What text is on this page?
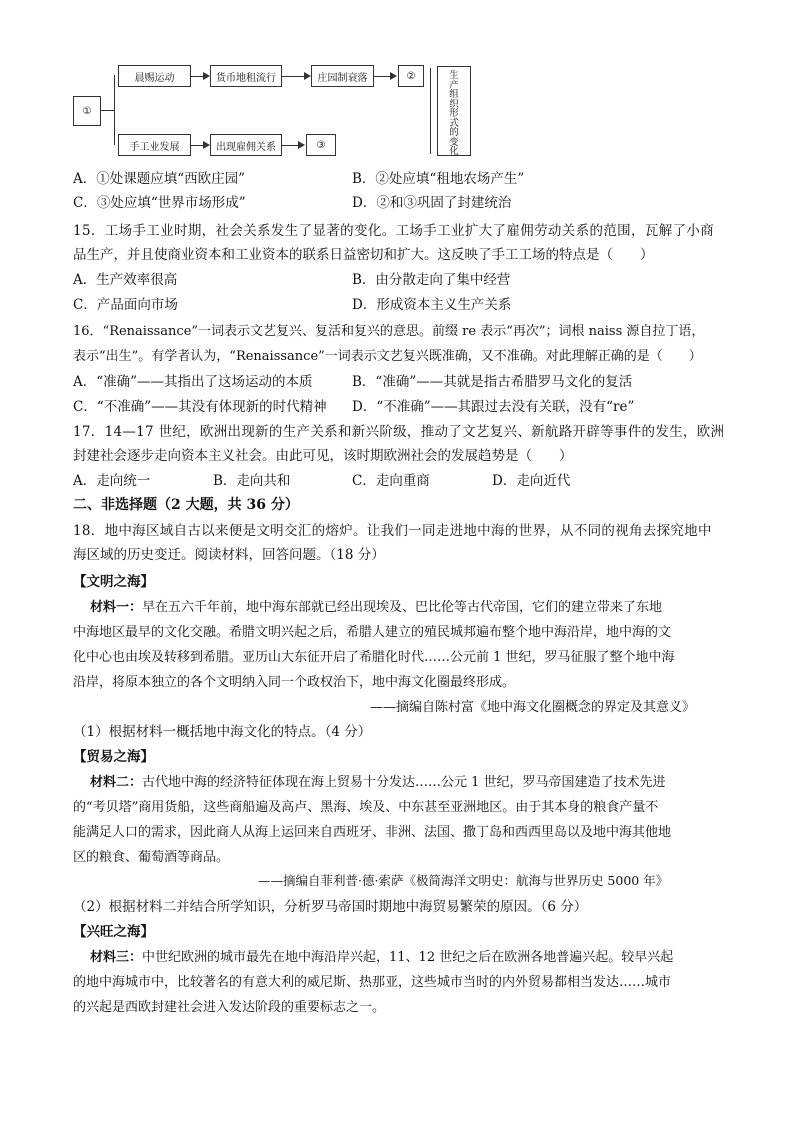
①
晨赐运动	货币地租流行	庄园制衰落	②
手工业发展	出现雇佣关系	③
生
产
组
织
形
式
的
变
化
A．①处课题应填“西欧庄园”	B．②处应填“租地农场产生”
C．③处应填“世界市场形成”	D．②和③巩固了封建统治
15．工场手工业时期，社会关系发生了显著的变化。工场手工业扩大了雇佣劳动关系的范围，瓦解了小商
品生产，并且使商业资本和工业资本的联系日益密切和扩大。这反映了手工工场的特点是（　　）
A．生产效率很高	B．由分散走向了集中经营
C．产品面向市场	D．形成资本主义生产关系
16．“Renaissance”一词表示文艺复兴、复活和复兴的意思。前缀 re 表示“再次”；词根 naiss 源自拉丁语，
表示“出生”。有学者认为，“Renaissance”一词表示文艺复兴既准确，又不准确。对此理解正确的是（　　）
A．“准确”——其指出了这场运动的本质	B．“准确”——其就是指古希腊罗马文化的复活
C．“不准确”——其没有体现新的时代精神 D．“不准确”——其跟过去没有关联，没有“re”
17．14—17 世纪，欧洲出现新的生产关系和新兴阶级，推动了文艺复兴、新航路开辟等事件的发生，欧洲
封建社会逐步走向资本主义社会。由此可见，该时期欧洲社会的发展趋势是（　　）
A．走向统一	B．走向共和	C．走向重商	D．走向近代
二、非选择题（2 大题，共 36 分）
18．地中海区域自古以来便是文明交汇的熔炉。让我们一同走进地中海的世界，从不同的视角去探究地中
海区域的历史变迁。阅读材料，回答问题。（18 分）
【文明之海】
材料一：早在五六千年前，地中海东部就已经出现埃及、巴比伦等古代帝国，它们的建立带来了东地
中海地区最早的文化交融。希腊文明兴起之后，希腊人建立的殖民城邦遍布整个地中海沿岸，地中海的文
化中心也由埃及转移到希腊。亚历山大东征开启了希腊化时代……公元前 1 世纪，罗马征服了整个地中海
沿岸，将原本独立的各个文明纳入同一个政权治下，地中海文化圈最终形成。
——摘编自陈村富《地中海文化圈概念的界定及其意义》
（1）根据材料一概括地中海文化的特点。（4 分）
【贸易之海】
材料二：古代地中海的经济特征体现在海上贸易十分发达……公元 1 世纪，罗马帝国建造了技术先进
的“考贝塔”商用货船，这些商船遍及高卢、黑海、埃及、中东甚至亚洲地区。由于其本身的粮食产量不
能满足人口的需求，因此商人从海上运回来自西班牙、非洲、法国、撒丁岛和西西里岛以及地中海其他地
区的粮食、葡萄酒等商品。
——摘编自菲利普·德·索萨《极简海洋文明史：航海与世界历史 5000 年》
（2）根据材料二并结合所学知识，分析罗马帝国时期地中海贸易繁荣的原因。（6 分）
【兴旺之海】
材料三：中世纪欧洲的城市最先在地中海沿岸兴起，11、12 世纪之后在欧洲各地普遍兴起。较早兴起
的地中海城市中，比较著名的有意大利的威尼斯、热那亚，这些城市当时的内外贸易都相当发达……城市
的兴起是西欧封建社会进入发达阶段的重要标志之一。
